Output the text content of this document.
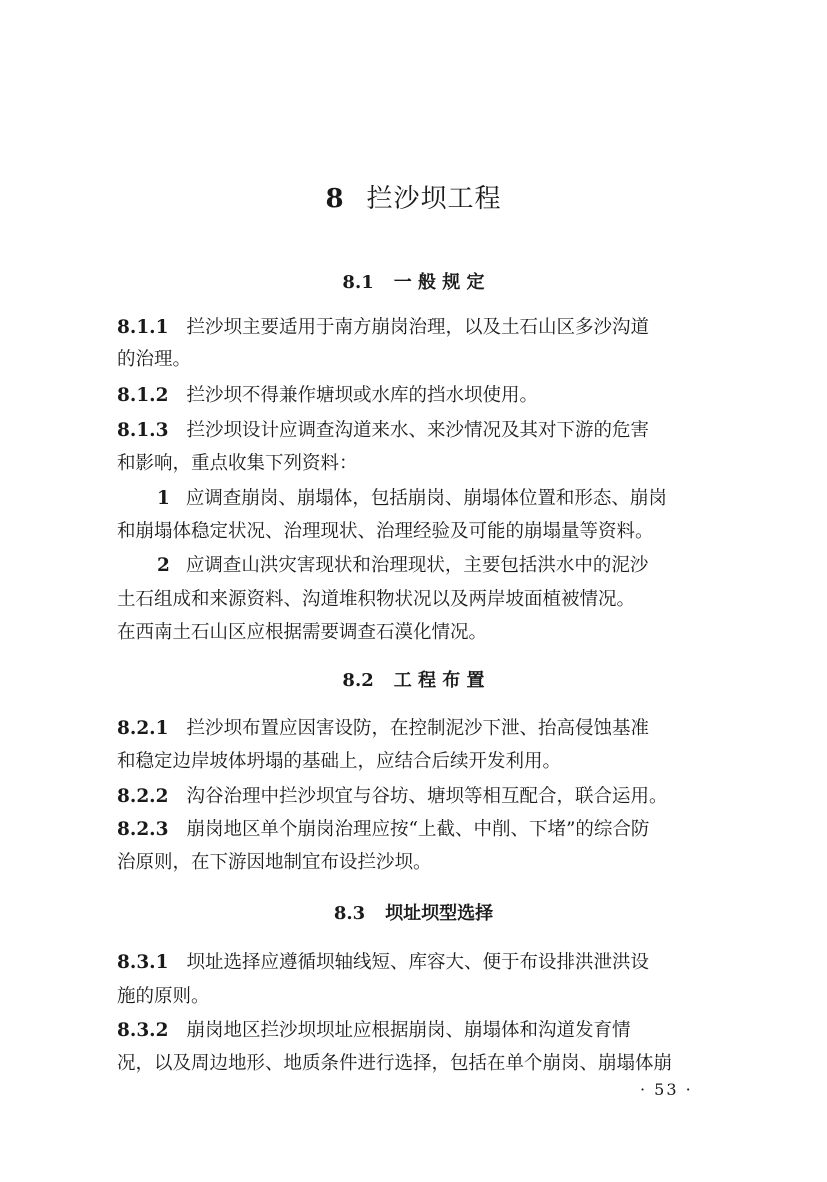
8 拦沙坝工程
8.1 一 般 规 定
8.1.1 拦沙坝主要适用于南方崩岗治理，以及土石山区多沙沟道
的治理。
8.1.2 拦沙坝不得兼作塘坝或水库的挡水坝使用。
8.1.3 拦沙坝设计应调查沟道来水、来沙情况及其对下游的危害
和影响，重点收集下列资料：
1 应调查崩岗、崩塌体，包括崩岗、崩塌体位置和形态、崩岗
和崩塌体稳定状况、治理现状、治理经验及可能的崩塌量等资料。
2 应调查山洪灾害现状和治理现状，主要包括洪水中的泥沙
土石组成和来源资料、沟道堆积物状况以及两岸坡面植被情况。
在西南土石山区应根据需要调查石漠化情况。
8.2 工 程 布 置
8.2.1 拦沙坝布置应因害设防，在控制泥沙下泄、抬高侵蚀基准
和稳定边岸坡体坍塌的基础上，应结合后续开发利用。
8.2.2 沟谷治理中拦沙坝宜与谷坊、塘坝等相互配合，联合运用。
8.2.3 崩岗地区单个崩岗治理应按“上截、中削、下堵”的综合防
治原则，在下游因地制宜布设拦沙坝。
8.3 坝址坝型选择
8.3.1 坝址选择应遵循坝轴线短、库容大、便于布设排洪泄洪设
施的原则。
8.3.2 崩岗地区拦沙坝坝址应根据崩岗、崩塌体和沟道发育情
况，以及周边地形、地质条件进行选择，包括在单个崩岗、崩塌体崩
· 53 ·
